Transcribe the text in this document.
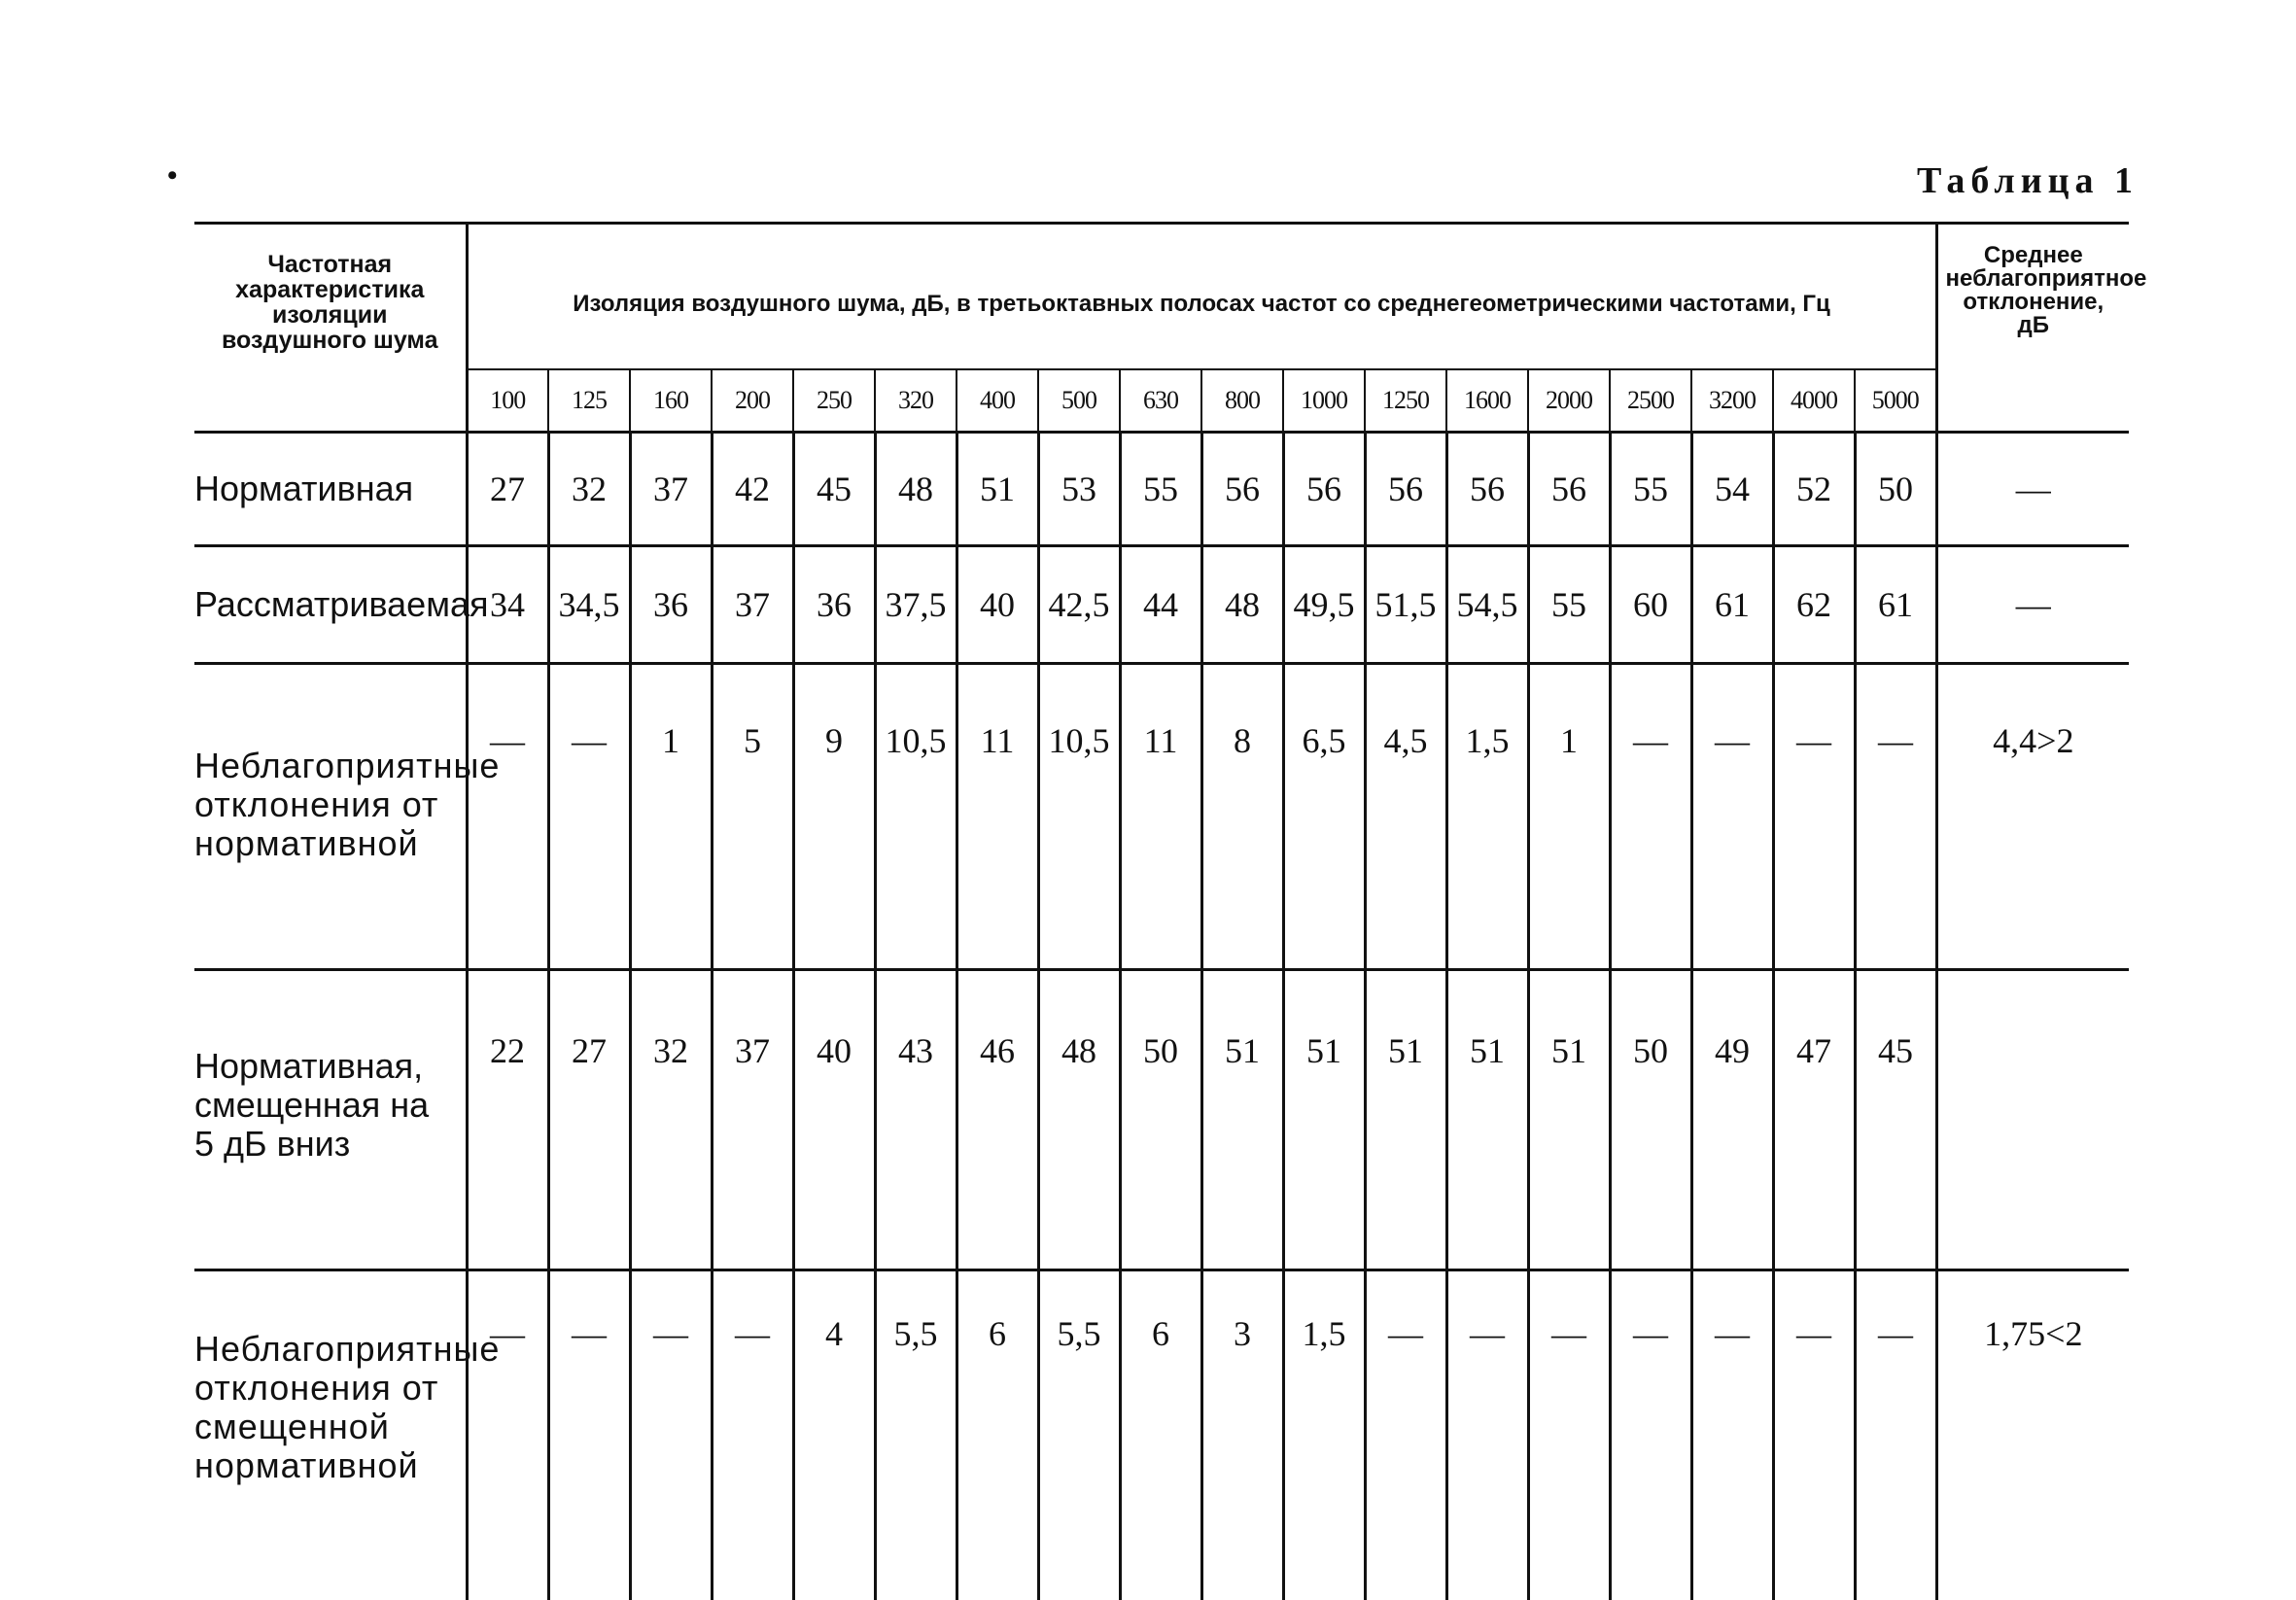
•	Таблица 1
Частотная характеристика изоляции воздушного шума	Изоляция воздушного шума, дБ, в третьоктавных полосах частот со среднегеометрическими частотами, Гц																		Среднее неблагоприятное отклонение, дБ
	100	125	160	200	250	320	400	500	630	800	1000	1250	1600	2000	2500	3200	4000	5000	
Нормативная	27	32	37	42	45	48	51	53	55	56	56	56	56	56	55	54	52	50	—
Рассматриваемая	34	34,5	36	37	36	37,5	40	42,5	44	48	49,5	51,5	54,5	55	60	61	62	61	—
Неблагоприятные отклонения от нормативной	—	—	1	5	9	10,5	11	10,5	11	8	6,5	4,5	1,5	1	—	—	—	—	4,4>2
Нормативная, смещенная на 5 дБ вниз	22	27	32	37	40	43	46	48	50	51	51	51	51	51	50	49	47	45	
Неблагоприятные отклонения от смещенной нормативной	—	—	—	—	4	5,5	6	5,5	6	3	1,5	—	—	—	—	—	—	—	1,75<2
